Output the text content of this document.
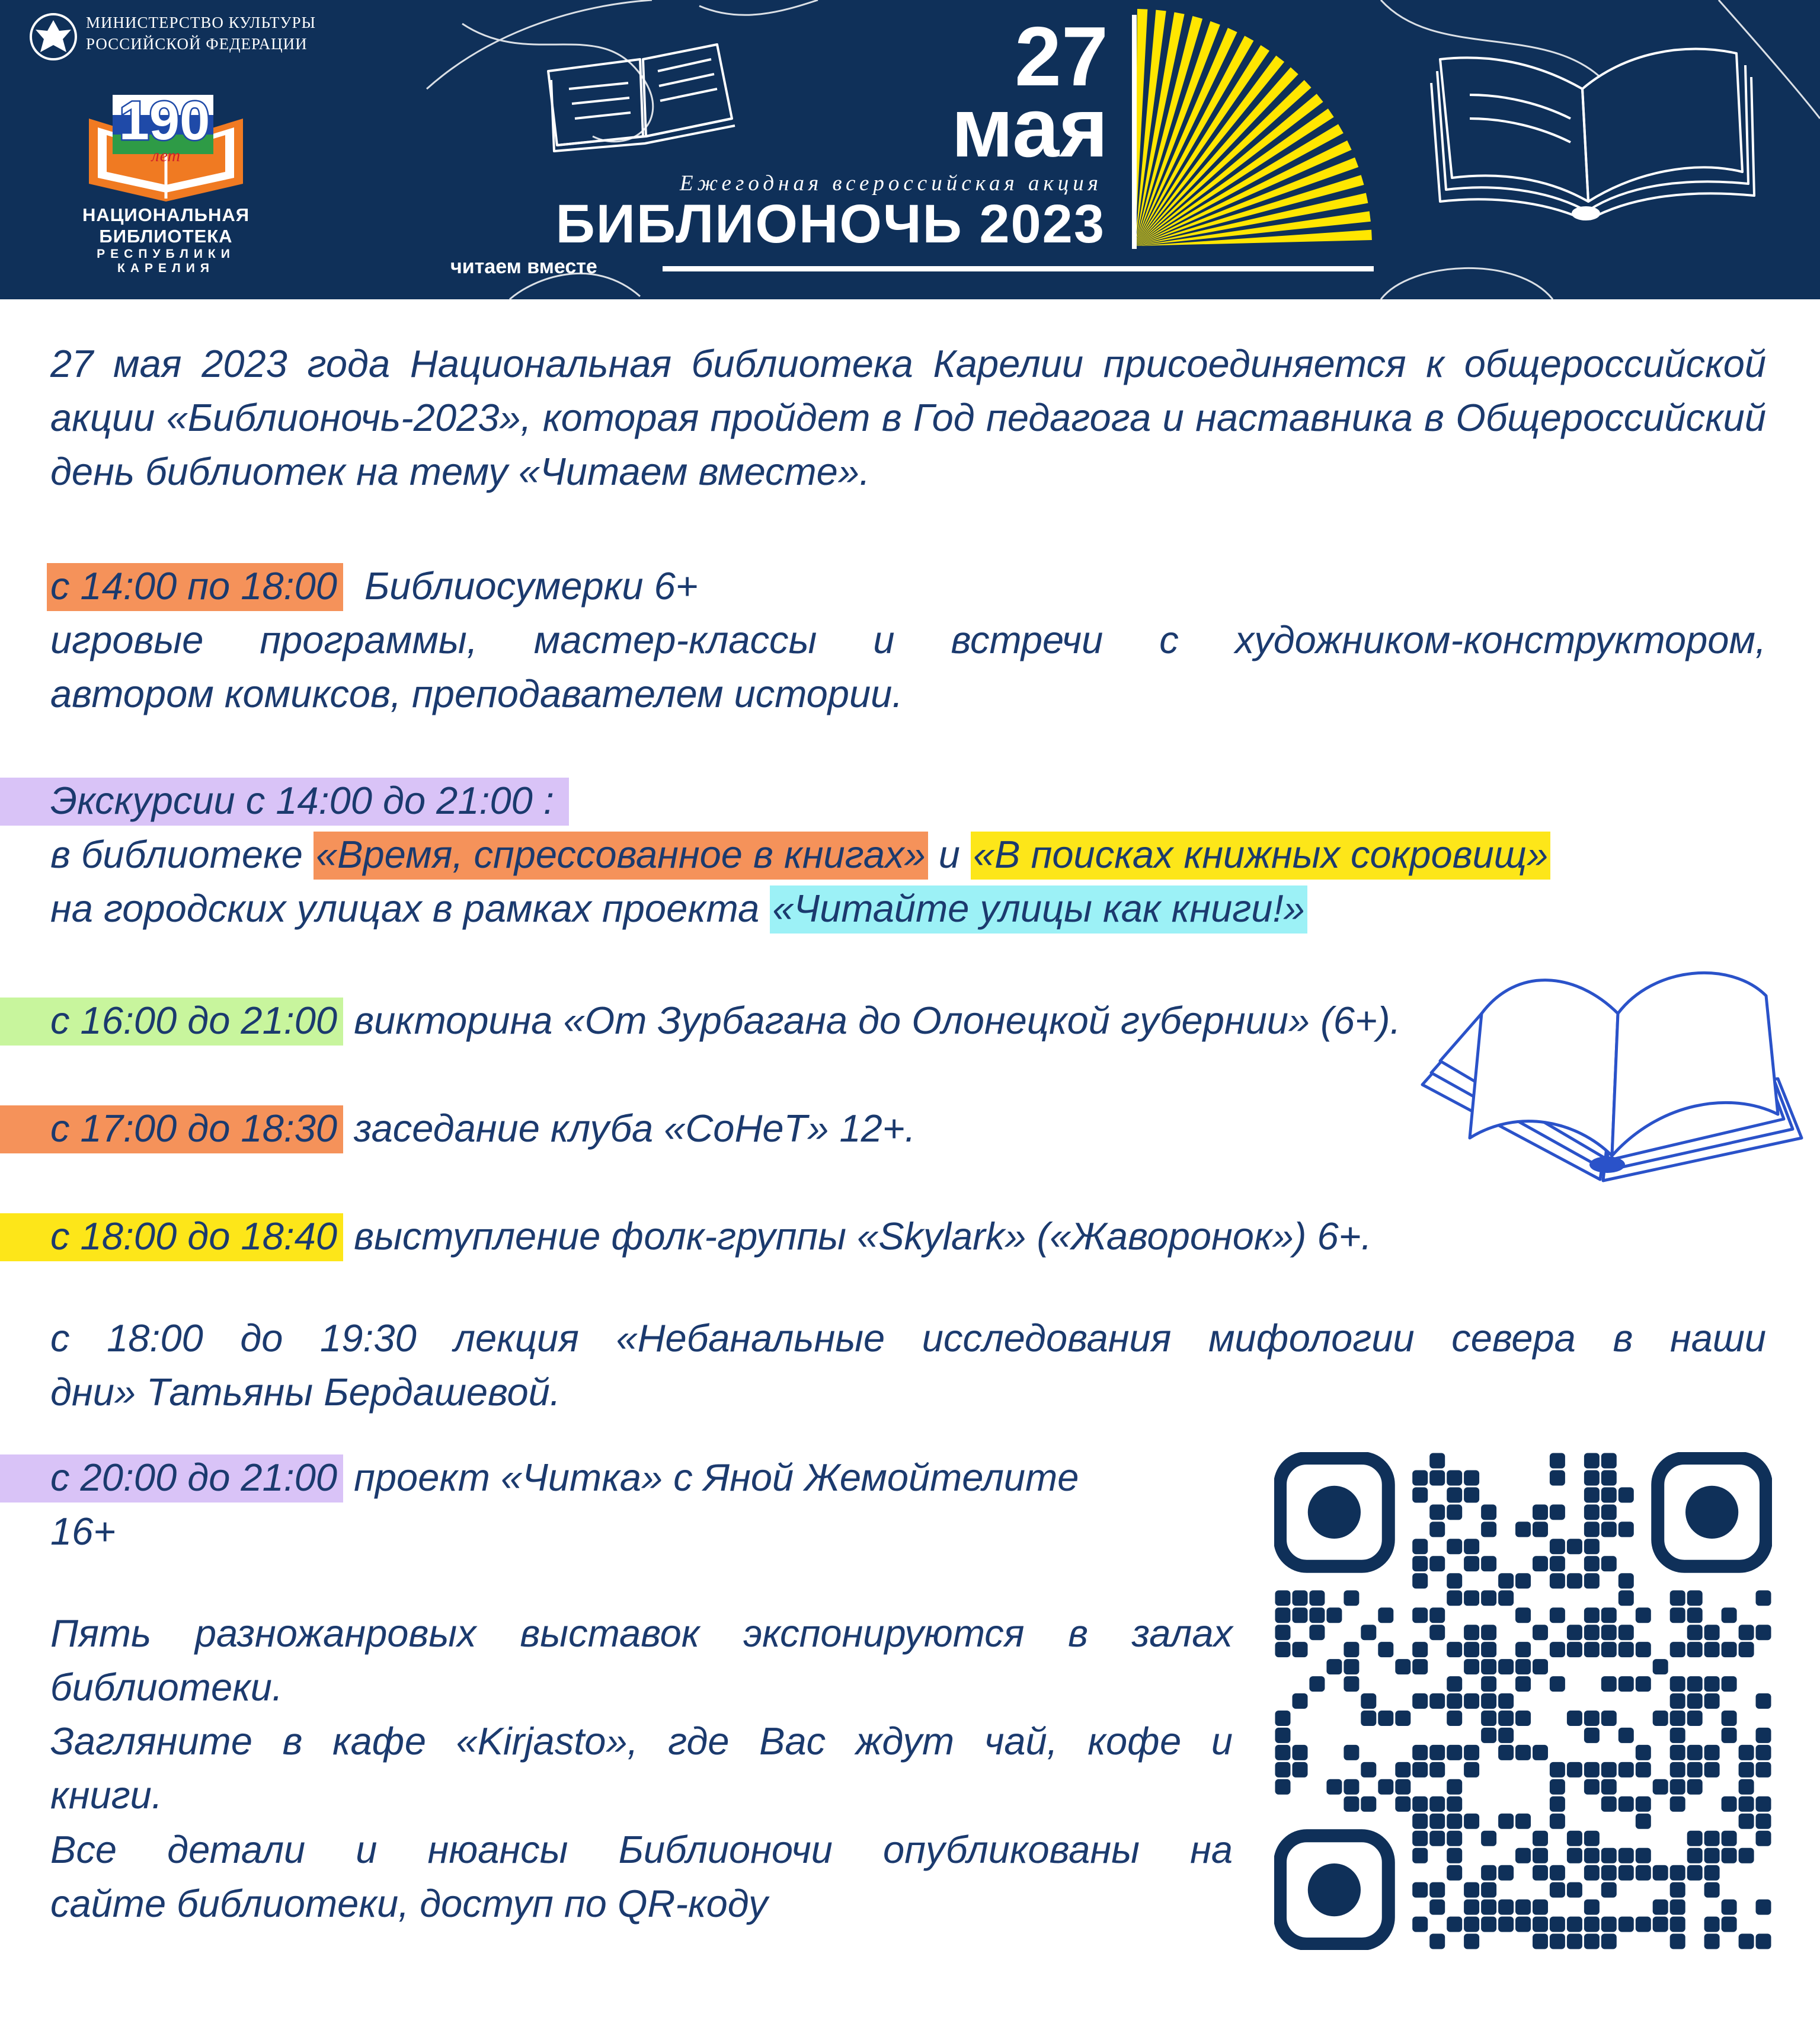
МИНИСТЕРСТВО КУЛЬТУРЫ
РОССИЙСКОЙ ФЕДЕРАЦИИ
190
лет
НАЦИОНАЛЬНАЯ
БИБЛИОТЕКА
РЕСПУБЛИКИ
КАРЕЛИЯ
27
мая
Ежегодная всероссийская акция
БИБЛИОНОЧЬ 2023
читаем вместе
27 мая 2023 года Национальная библиотека Карелии присоединяется к общероссийской акции «Библионочь-2023», которая пройдет в Год педагога и наставника в Общероссийский день библиотек на тему «Читаем вместе».
с 14:00 по 18:00 Библиосумерки 6+
игровые программы, мастер-классы и встречи с художником-конструктором,
автором комиксов, преподавателем истории.
Экскурсии с 14:00 до 21:00 :
в библиотеке «Время, спрессованное в книгах» и «В поисках книжных сокровищ»
на городских улицах в рамках проекта «Читайте улицы как книги!»
с 16:00 до 21:00 викторина «От Зурбагана до Олонецкой губернии» (6+).
с 17:00 до 18:30 заседание клуба «СоНеТ» 12+.
с 18:00 до 18:40 выступление фолк-группы «Skylark» («Жаворонок») 6+.
с 18:00 до 19:30 лекция «Небанальные исследования мифологии севера в наши
дни» Татьяны Бердашевой.
с 20:00 до 21:00 проект «Читка» с Яной Жемойтелите
16+
Пять разножанровых выставок экспонируются в залах
библиотеки.
Загляните в кафе «Kirjasto», где Вас ждут чай, кофе и
книги.
Все детали и нюансы Библионочи опубликованы на
сайте библиотеки, доступ по QR-коду
